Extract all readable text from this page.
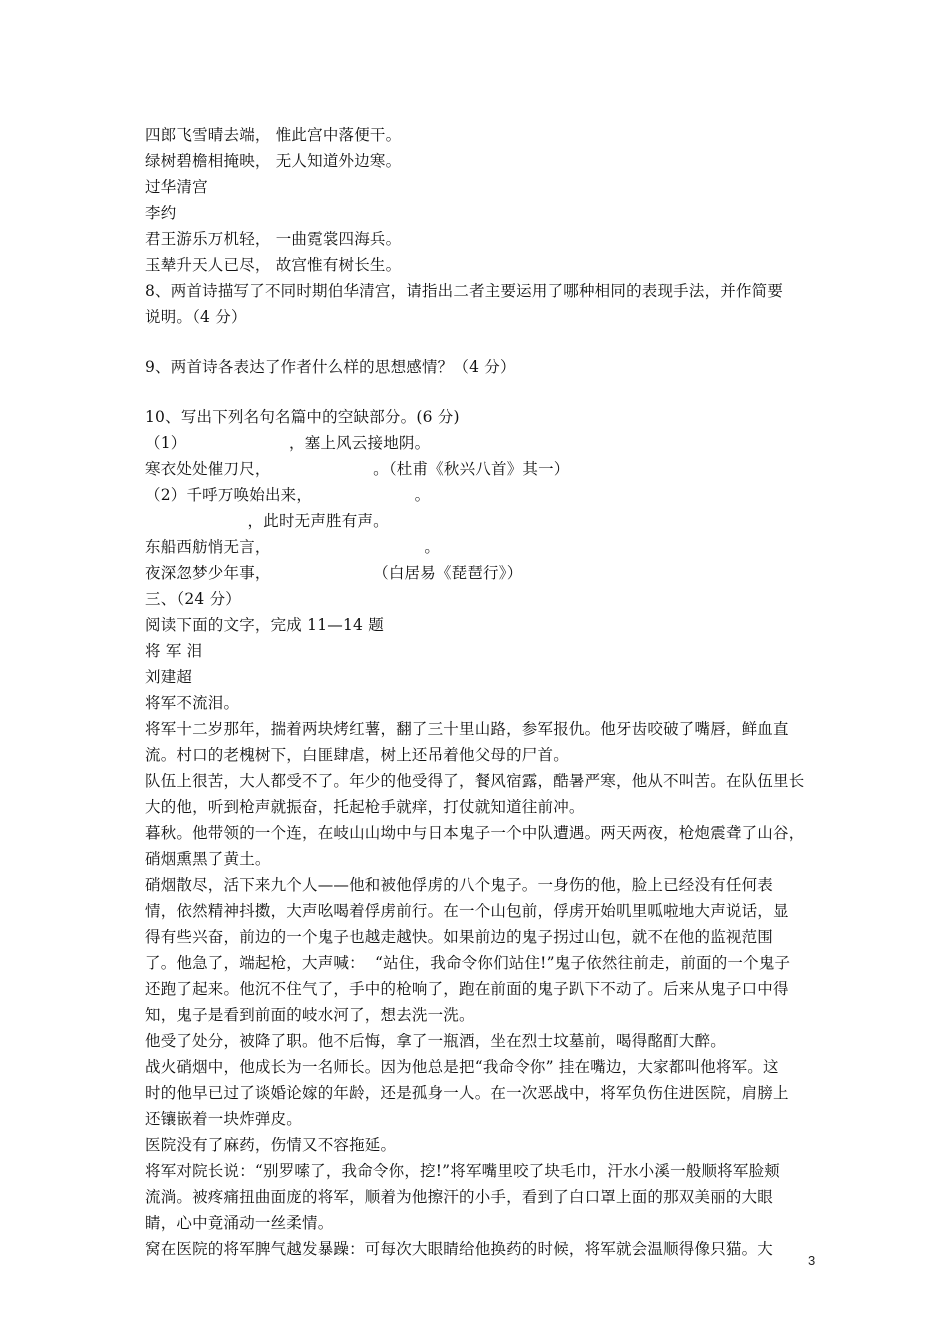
四郎飞雪晴去端， 惟此宫中落便干。
绿树碧檐相掩映， 无人知道外边寒。
过华清宫
李约
君王游乐万机轻， 一曲霓裳四海兵。
玉辇升天人已尽， 故宫惟有树长生。
8、两首诗描写了不同时期伯华清宫，请指出二者主要运用了哪种相同的表现手法，并作简要
说明。（4 分）
9、两首诗各表达了作者什么样的思想感情？（4 分）
10、写出下列名句名篇中的空缺部分。(6 分)
（1）                    ，塞上风云接地阴。
寒衣处处催刀尺，                    。（杜甫《秋兴八首》其一）
（2）千呼万唤始出来，                    。
，此时无声胜有声。
东船西舫悄无言，                              。
夜深忽梦少年事，                    （白居易《琵琶行》）
三、（24 分）
阅读下面的文字，完成 11—14 题
将 军 泪
刘建超
将军不流泪。
将军十二岁那年，揣着两块烤红薯，翻了三十里山路，参军报仇。他牙齿咬破了嘴唇，鲜血直
流。村口的老槐树下，白匪肆虐，树上还吊着他父母的尸首。
队伍上很苦，大人都受不了。年少的他受得了，餐风宿露，酷暑严寒，他从不叫苦。在队伍里长
大的他，听到枪声就振奋，托起枪手就痒，打仗就知道往前冲。
暮秋。他带领的一个连，在岐山山坳中与日本鬼子一个中队遭遇。两天两夜，枪炮震聋了山谷，
硝烟熏黑了黄土。
硝烟散尽，活下来九个人——他和被他俘虏的八个鬼子。一身伤的他，脸上已经没有任何表
情，依然精神抖擞，大声吆喝着俘虏前行。在一个山包前，俘虏开始叽里呱啦地大声说话，显
得有些兴奋，前边的一个鬼子也越走越快。如果前边的鬼子拐过山包，就不在他的监视范围
了。他急了，端起枪，大声喊：  “站住，我命令你们站住!”鬼子依然往前走，前面的一个鬼子
还跑了起来。他沉不住气了，手中的枪响了，跑在前面的鬼子趴下不动了。后来从鬼子口中得
知，鬼子是看到前面的岐水河了，想去洗一洗。
他受了处分，被降了职。他不后悔，拿了一瓶酒，坐在烈士坟墓前，喝得酩酊大醉。
战火硝烟中，他成长为一名师长。因为他总是把“我命令你” 挂在嘴边，大家都叫他将军。这
时的他早已过了谈婚论嫁的年龄，还是孤身一人。在一次恶战中，将军负伤住进医院，肩膀上
还镶嵌着一块炸弹皮。
医院没有了麻药，伤情又不容拖延。
将军对院长说：“别罗嗦了，我命令你，挖!”将军嘴里咬了块毛巾，汗水小溪一般顺将军脸颊
流淌。被疼痛扭曲面庞的将军，顺着为他擦汗的小手，看到了白口罩上面的那双美丽的大眼
睛，心中竟涌动一丝柔情。
窝在医院的将军脾气越发暴躁：可每次大眼睛给他换药的时候，将军就会温顺得像只猫。大
3
